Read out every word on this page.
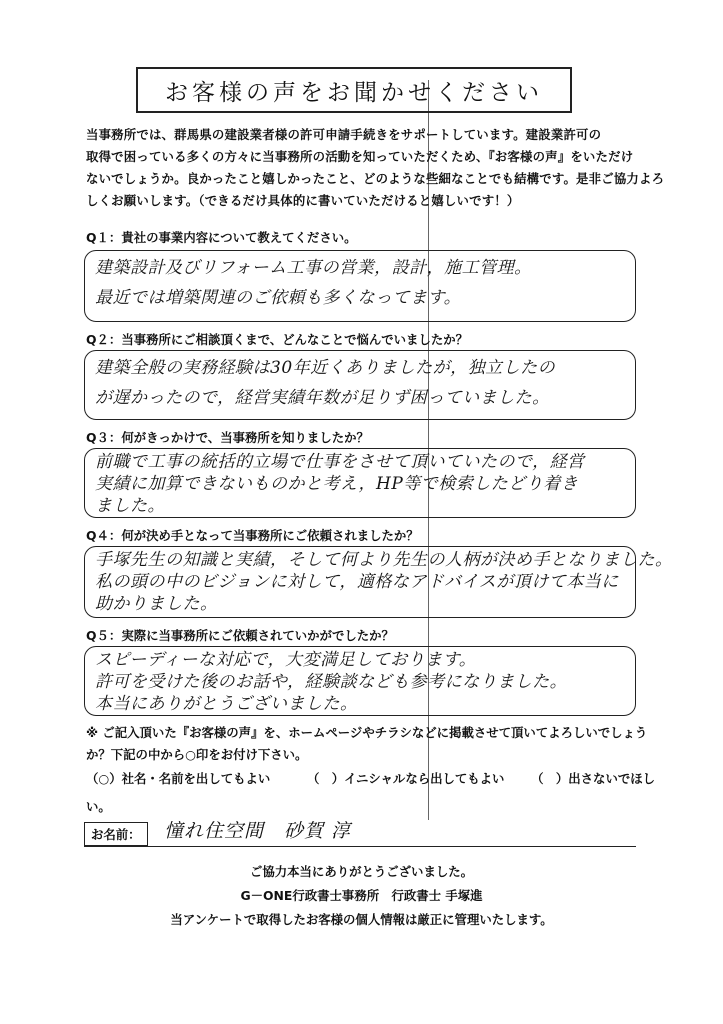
お客様の声をお聞かせください

当事務所では、群馬県の建設業者様の許可申請手続きをサポートしています。建設業許可の

取得で困っている多くの方々に当事務所の活動を知っていただくため、『お客様の声』をいただけ

ないでしょうか。良かったこと嬉しかったこと、どのような些細なことでも結構です。是非ご協力よろ

しくお願いします。（できるだけ具体的に書いていただけると嬉しいです！）

Q１：貴社の事業内容について教えてください。

建築設計及びリフォーム工事の営業，設計，施工管理。

最近では増築関連のご依頼も多くなってます。

Q２：当事務所にご相談頂くまで、どんなことで悩んでいましたか？

建築全般の実務経験は30年近くありましたが，独立したの

が遅かったので，経営実績年数が足りず困っていました。

Q３：何がきっかけで、当事務所を知りましたか？

前職で工事の統括的立場で仕事をさせて頂いていたので，経営

実績に加算できないものかと考え，HP等で検索したどり着き

ました。

Q４：何が決め手となって当事務所にご依頼されましたか？

手塚先生の知識と実績，そして何より先生の人柄が決め手となりました。

私の頭の中のビジョンに対して，適格なアドバイスが頂けて本当に

助かりました。

Q５：実際に当事務所にご依頼されていかがでしたか？

スピーディーな対応で，大変満足しております。

許可を受けた後のお話や，経験談なども参考になりました。

本当にありがとうございました。

※ ご記入頂いた『お客様の声』を、ホームページやチラシなどに掲載させて頂いてよろしいでしょう

か？下記の中から○印をお付け下さい。

（○）社名・名前を出してもよい	（　）イニシャルなら出してもよい （　）出さないでほし
い。
お名前：	憧れ住空間　砂賀 淳

ご協力本当にありがとうございました。

G－ONE行政書士事務所　行政書士 手塚進

当アンケートで取得したお客様の個人情報は厳正に管理いたします。
